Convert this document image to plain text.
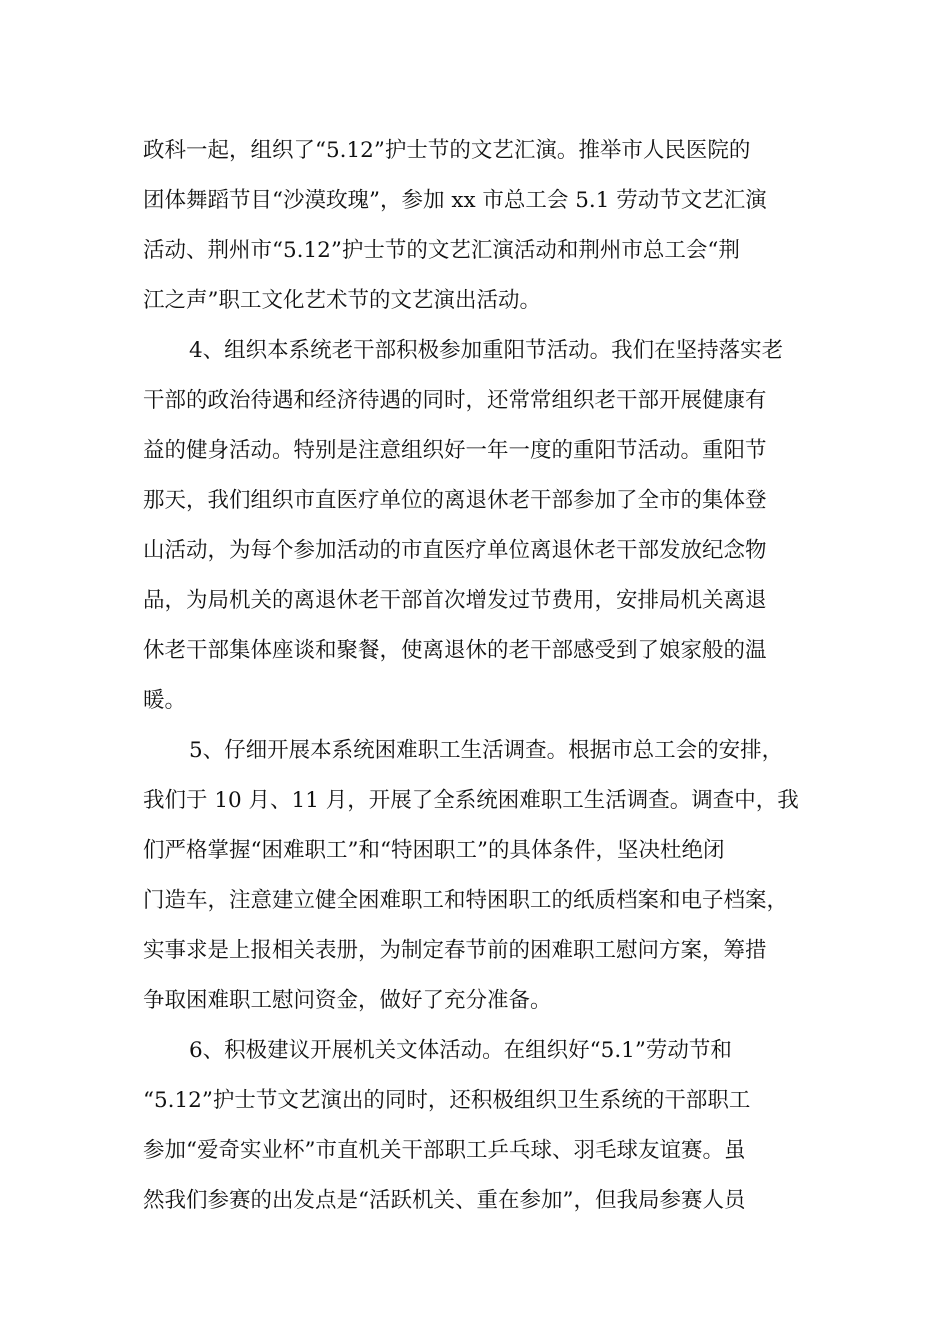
政科一起，组织了“5.12”护士节的文艺汇演。推举市人民医院的
团体舞蹈节目“沙漠玫瑰”，参加 xx 市总工会 5.1 劳动节文艺汇演
活动、荆州市“5.12”护士节的文艺汇演活动和荆州市总工会“荆
江之声”职工文化艺术节的文艺演出活动。
4、组织本系统老干部积极参加重阳节活动。我们在坚持落实老
干部的政治待遇和经济待遇的同时，还常常组织老干部开展健康有
益的健身活动。特别是注意组织好一年一度的重阳节活动。重阳节
那天，我们组织市直医疗单位的离退休老干部参加了全市的集体登
山活动，为每个参加活动的市直医疗单位离退休老干部发放纪念物
品，为局机关的离退休老干部首次增发过节费用，安排局机关离退
休老干部集体座谈和聚餐，使离退休的老干部感受到了娘家般的温
暖。
5、仔细开展本系统困难职工生活调查。根据市总工会的安排，
我们于 10 月、11 月，开展了全系统困难职工生活调查。调查中，我
们严格掌握“困难职工”和“特困职工”的具体条件，坚决杜绝闭
门造车，注意建立健全困难职工和特困职工的纸质档案和电子档案，
实事求是上报相关表册，为制定春节前的困难职工慰问方案，筹措
争取困难职工慰问资金，做好了充分准备。
6、积极建议开展机关文体活动。在组织好“5.1”劳动节和
“5.12”护士节文艺演出的同时，还积极组织卫生系统的干部职工
参加“爱奇实业杯”市直机关干部职工乒乓球、羽毛球友谊赛。虽
然我们参赛的出发点是“活跃机关、重在参加”，但我局参赛人员
